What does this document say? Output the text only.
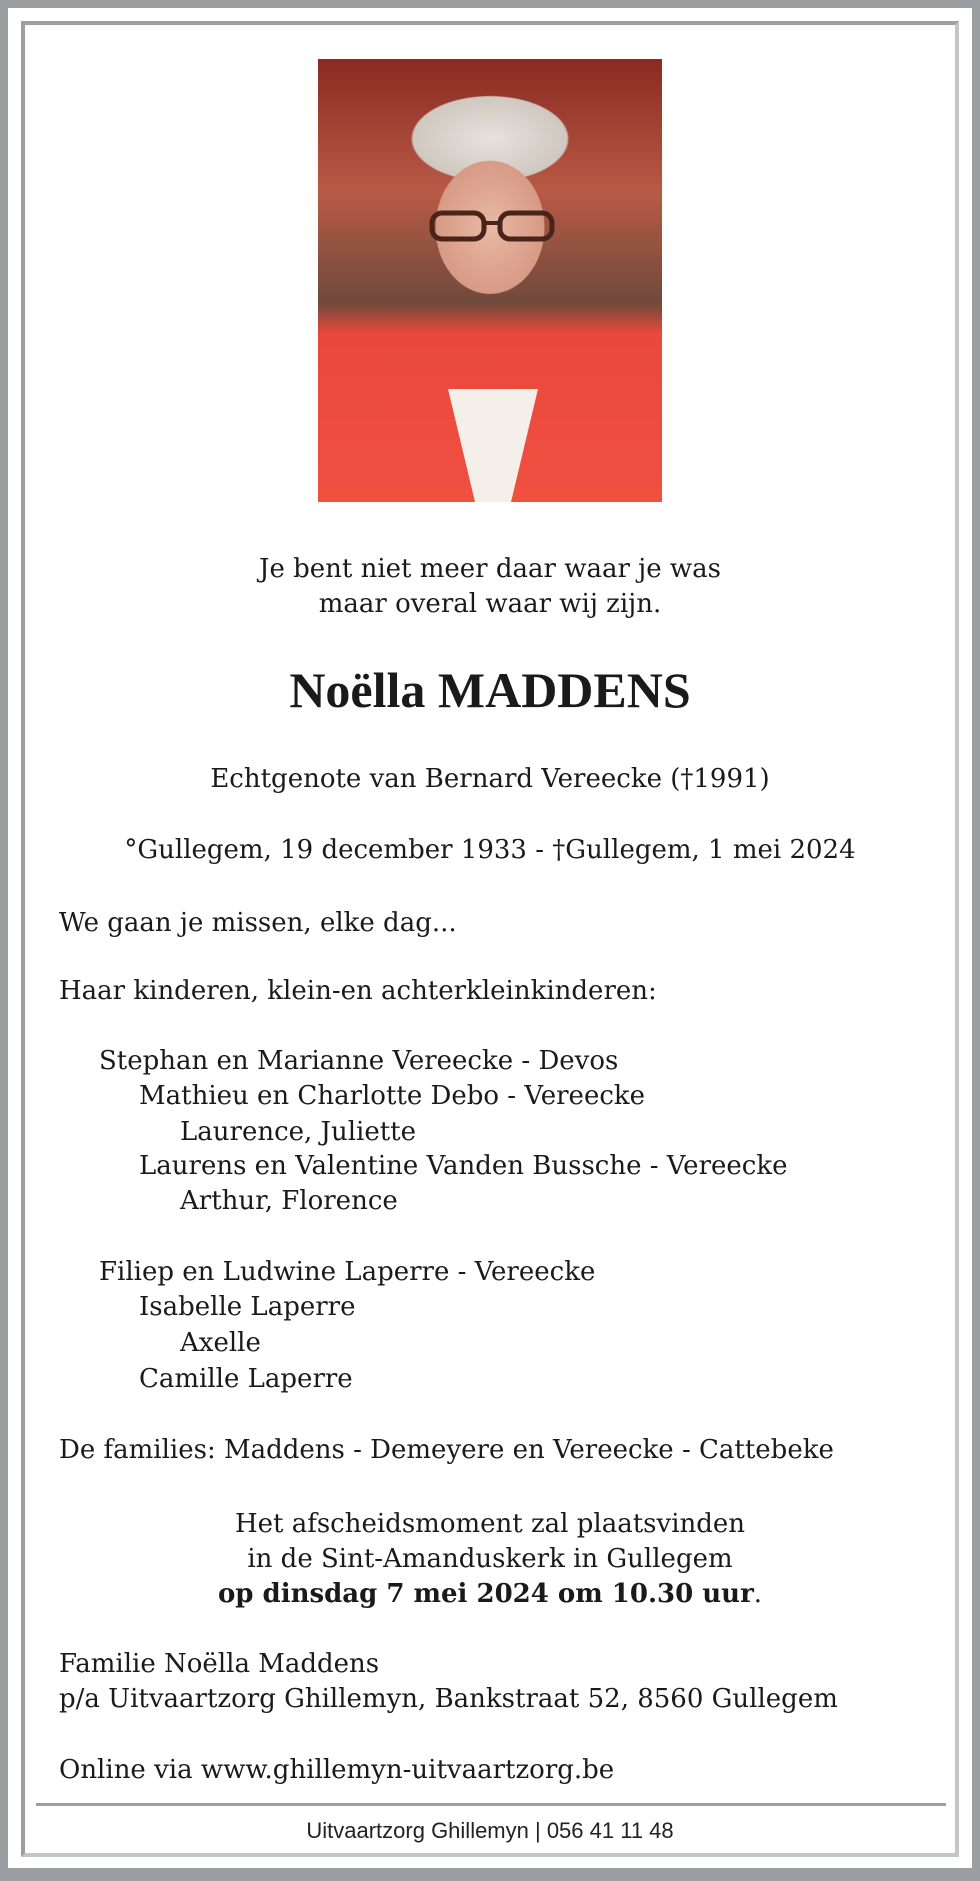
Je bent niet meer daar waar je was
maar overal waar wij zijn.
Noëlla MADDENS
Echtgenote van Bernard Vereecke (†1991)
°Gullegem, 19 december 1933 - †Gullegem, 1 mei 2024
We gaan je missen, elke dag...
Haar kinderen, klein-en achterkleinkinderen:
Stephan en Marianne Vereecke - Devos
Mathieu en Charlotte Debo - Vereecke
Laurence, Juliette
Laurens en Valentine Vanden Bussche - Vereecke
Arthur, Florence
Filiep en Ludwine Laperre - Vereecke
Isabelle Laperre
Axelle
Camille Laperre
De families: Maddens - Demeyere en Vereecke - Cattebeke
Het afscheidsmoment zal plaatsvinden
in de Sint-Amanduskerk in Gullegem
op dinsdag 7 mei 2024 om 10.30 uur.
Familie Noëlla Maddens
p/a Uitvaartzorg Ghillemyn, Bankstraat 52, 8560 Gullegem
Online via www.ghillemyn-uitvaartzorg.be
Uitvaartzorg Ghillemyn | 056 41 11 48
